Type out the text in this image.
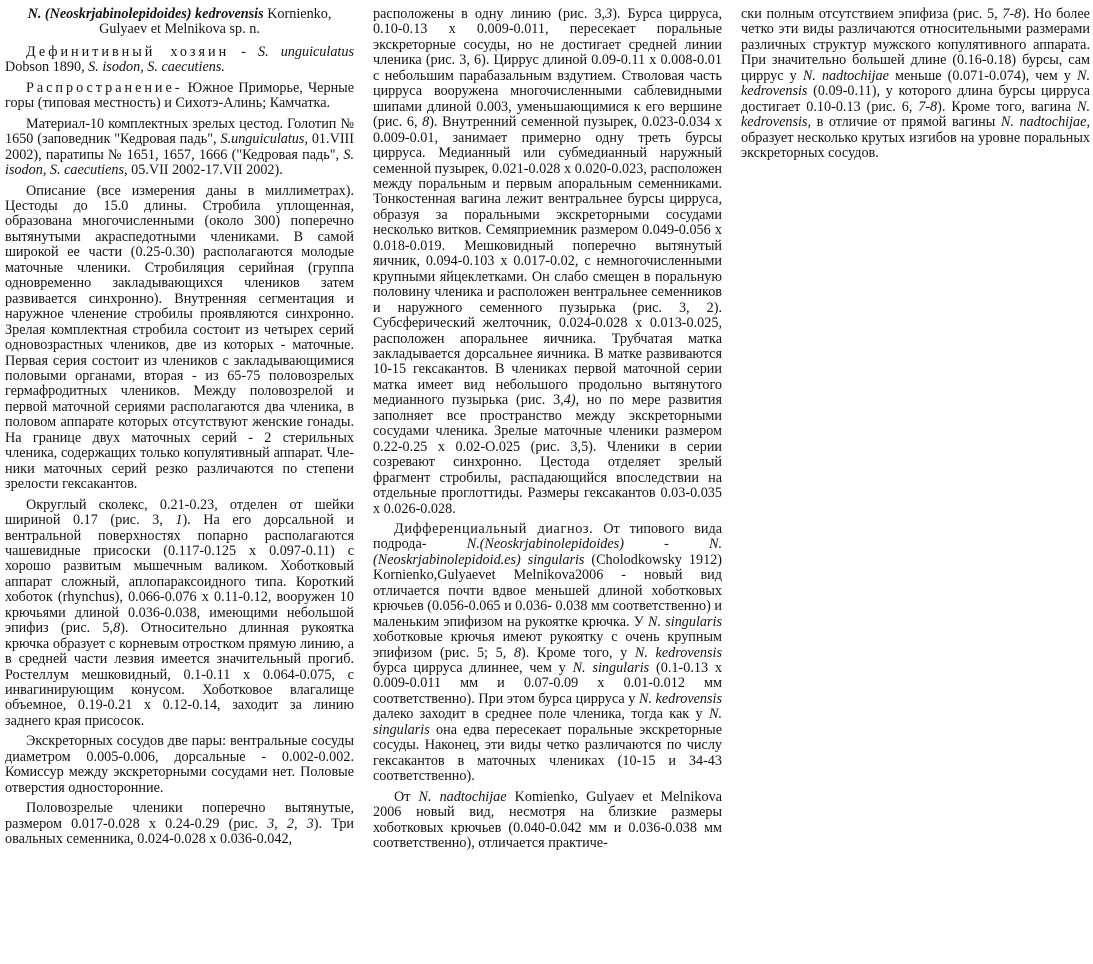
N. (Neoskrjabinolepidoides) kedrovensis Kornienko, Gulyaev et Melnikova sp. n.

Дефинитивный хозяин - S. unguiculatus Dobson 1890, S. isodon, S. caecutiens.

Распространение- Южное Приморье, Черные горы (типовая местность) и Сихотэ-Алинь; Камчатка.

Материал-10 комплектных зрелых цестод. Голотип № 1650 (заповедник "Кедровая падь", S.unguiculatus, 01.VIII 2002), паратипы № 1651, 1657, 1666 ("Кедровая падь", S. isodon, S. caecutiens, 05.VII 2002-17.VII 2002).

Описание (все измерения даны в миллиметрах). Цестоды до 15.0 длины. Стробила уплощенная, образована многочисленными (около 300) поперечно вытянутыми акраспедотными члениками. В самой широкой ее части (0.25-0.30) располагаются молодые маточные членики. Стробиляция серийная (группа одновременно закладывающихся члеников затем развивается синхронно). Внутренняя сегментация и наружное членение стробилы проявляются синхронно. Зрелая комплектная стробила состоит из четырех серий одновозрастных члеников, две из которых - маточные. Первая серия состоит из члеников с закладывающимися половыми органами, вторая - из 65-75 половозрелых гермафродитных члеников. Между половозрелой и первой маточной сериями располагаются два членика, в половом аппарате которых отсутствуют женские гонады. На границе двух маточных серий - 2 стерильных членика, содержащих только копулятивный аппарат. Членики маточных серий резко различаются по степени зрелости гексакантов.

Округлый сколекс, 0.21-0.23, отделен от шейки шириной 0.17 (рис. 3, 1). На его дорсальной и вентральной поверхностях попарно располагаются чашевидные присоски (0.117-0.125 x 0.097-0.11) с хорошо развитым мышечным валиком. Хоботковый аппарат сложный, аплопараксоидного типа. Короткий хоботок (rhynchus), 0.066-0.076 x 0.11-0.12, вооружен 10 крючьями длиной 0.036-0.038, имеющими небольшой эпифиз (рис. 5,8). Относительно длинная рукоятка крючка образует с корневым отростком прямую линию, а в средней части лезвия имеется значительный прогиб. Ростеллум мешковидный, 0.1-0.11 x 0.064-0.075, с инвагинирующим конусом. Хоботковое влагалище объемное, 0.19-0.21 x 0.12-0.14, заходит за линию заднего края присосок.

Экскреторных сосудов две пары: вентральные сосуды диаметром 0.005-0.006, дорсальные - 0.002-0.002. Комиссур между экскреторными сосудами нет. Половые отверстия односторонние.

Половозрелые членики поперечно вытянутые, размером 0.017-0.028 x 0.24-0.29 (рис. 3, 2, 3). Три овальных семенника, 0.024-0.028 x 0.036-0.042,

расположены в одну линию (рис. 3,3). Бурса цирруса, 0.10-0.13 x 0.009-0.011, пересекает поральные экскреторные сосуды, но не достигает средней линии членика (рис. 3, 6). Циррус длиной 0.09-0.11 x 0.008-0.01 с небольшим парабазальным вздутием. Стволовая часть цирруса вооружена многочисленными саблевидными шипами длиной 0.003, уменьшающимися к его вершине (рис. 6, 8). Внутренний семенной пузырек, 0.023-0.034 x 0.009-0.01, занимает примерно одну треть бурсы цирруса. Медианный или субмедианный наружный семенной пузырек, 0.021-0.028 x 0.020-0.023, расположен между поральным и первым апоральным семенниками. Тонкостенная вагина лежит вентральнее бурсы цирруса, образуя за поральными экскреторными сосудами несколько витков. Семяприемник размером 0.049-0.056 x 0.018-0.019. Мешковидный поперечно вытянутый яичник, 0.094-0.103 x 0.017-0.02, с немногочисленными крупными яйцеклетками. Он слабо смещен в поральную половину членика и расположен вентральнее семенников и наружного семенного пузырька (рис. 3, 2). Субсферический желточник, 0.024-0.028 x 0.013-0.025, расположен апоральнее яичника. Трубчатая матка закладывается дорсальнее яичника. В матке развиваются 10-15 гексакантов. В члениках первой маточной серии матка имеет вид небольшого продольно вытянутого медианного пузырька (рис. 3,4), но по мере развития заполняет все пространство между экскреторными сосудами членика. Зрелые маточные членики размером 0.22-0.25 x 0.02-O.025 (рис. 3,5). Членики в серии созревают синхронно. Цестода отделяет зрелый фрагмент стробилы, распадающийся впоследствии на отдельные проглоттиды. Размеры гексакантов 0.03-0.035 x 0.026-0.028.

Дифференциальный диагноз. От типового вида подрода- N.(Neoskrjabinolepidoides) - N. (Neoskrjabinolepidoid.es) singularis (Cholodkowsky 1912) Kornienko,Gulyaevet Melnikova2006 - новый вид отличается почти вдвое меньшей длиной хоботковых крючьев (0.056-0.065 и 0.036- 0.038 мм соответственно) и маленьким эпифизом на рукоятке крючка. У N. singularis хоботковые крючья имеют рукоятку с очень крупным эпифизом (рис. 5; 5, 8). Кроме того, у N. kedrovensis бурса цирруса длиннее, чем у N. singularis (0.1-0.13 x 0.009-0.011 мм и 0.07-0.09 x 0.01-0.012 мм соответственно). При этом бурса цирруса у N. kedrovensis далеко заходит в среднее поле членика, тогда как у N. singularis она едва пересекает поральные экскреторные сосуды. Наконец, эти виды четко различаются по числу гексакантов в маточных члениках (10-15 и 34-43 соответственно).

От N. nadtochijae Komienko, Gulyaev et Melnikova 2006 новый вид, несмотря на близкие размеры хоботковых крючьев (0.040-0.042 мм и 0.036-0.038 мм соответственно), отличается практиче-

ски полным отсутствием эпифиза (рис. 5, 7-8). Но более четко эти виды различаются относительными размерами различных структур мужского копулятивного аппарата. При значительно большей длине (0.16-0.18) бурсы, сам циррус у N. nadtochijae меньше (0.071-0.074), чем у N. kedrovensis (0.09-0.11), у которого длина бурсы цирруса достигает 0.10-0.13 (рис. 6, 7-8). Кроме того, вагина N. kedrovensis, в отличие от прямой вагины N. nadtochijae, образует несколько крутых изгибов на уровне поральных экскреторных сосудов.
